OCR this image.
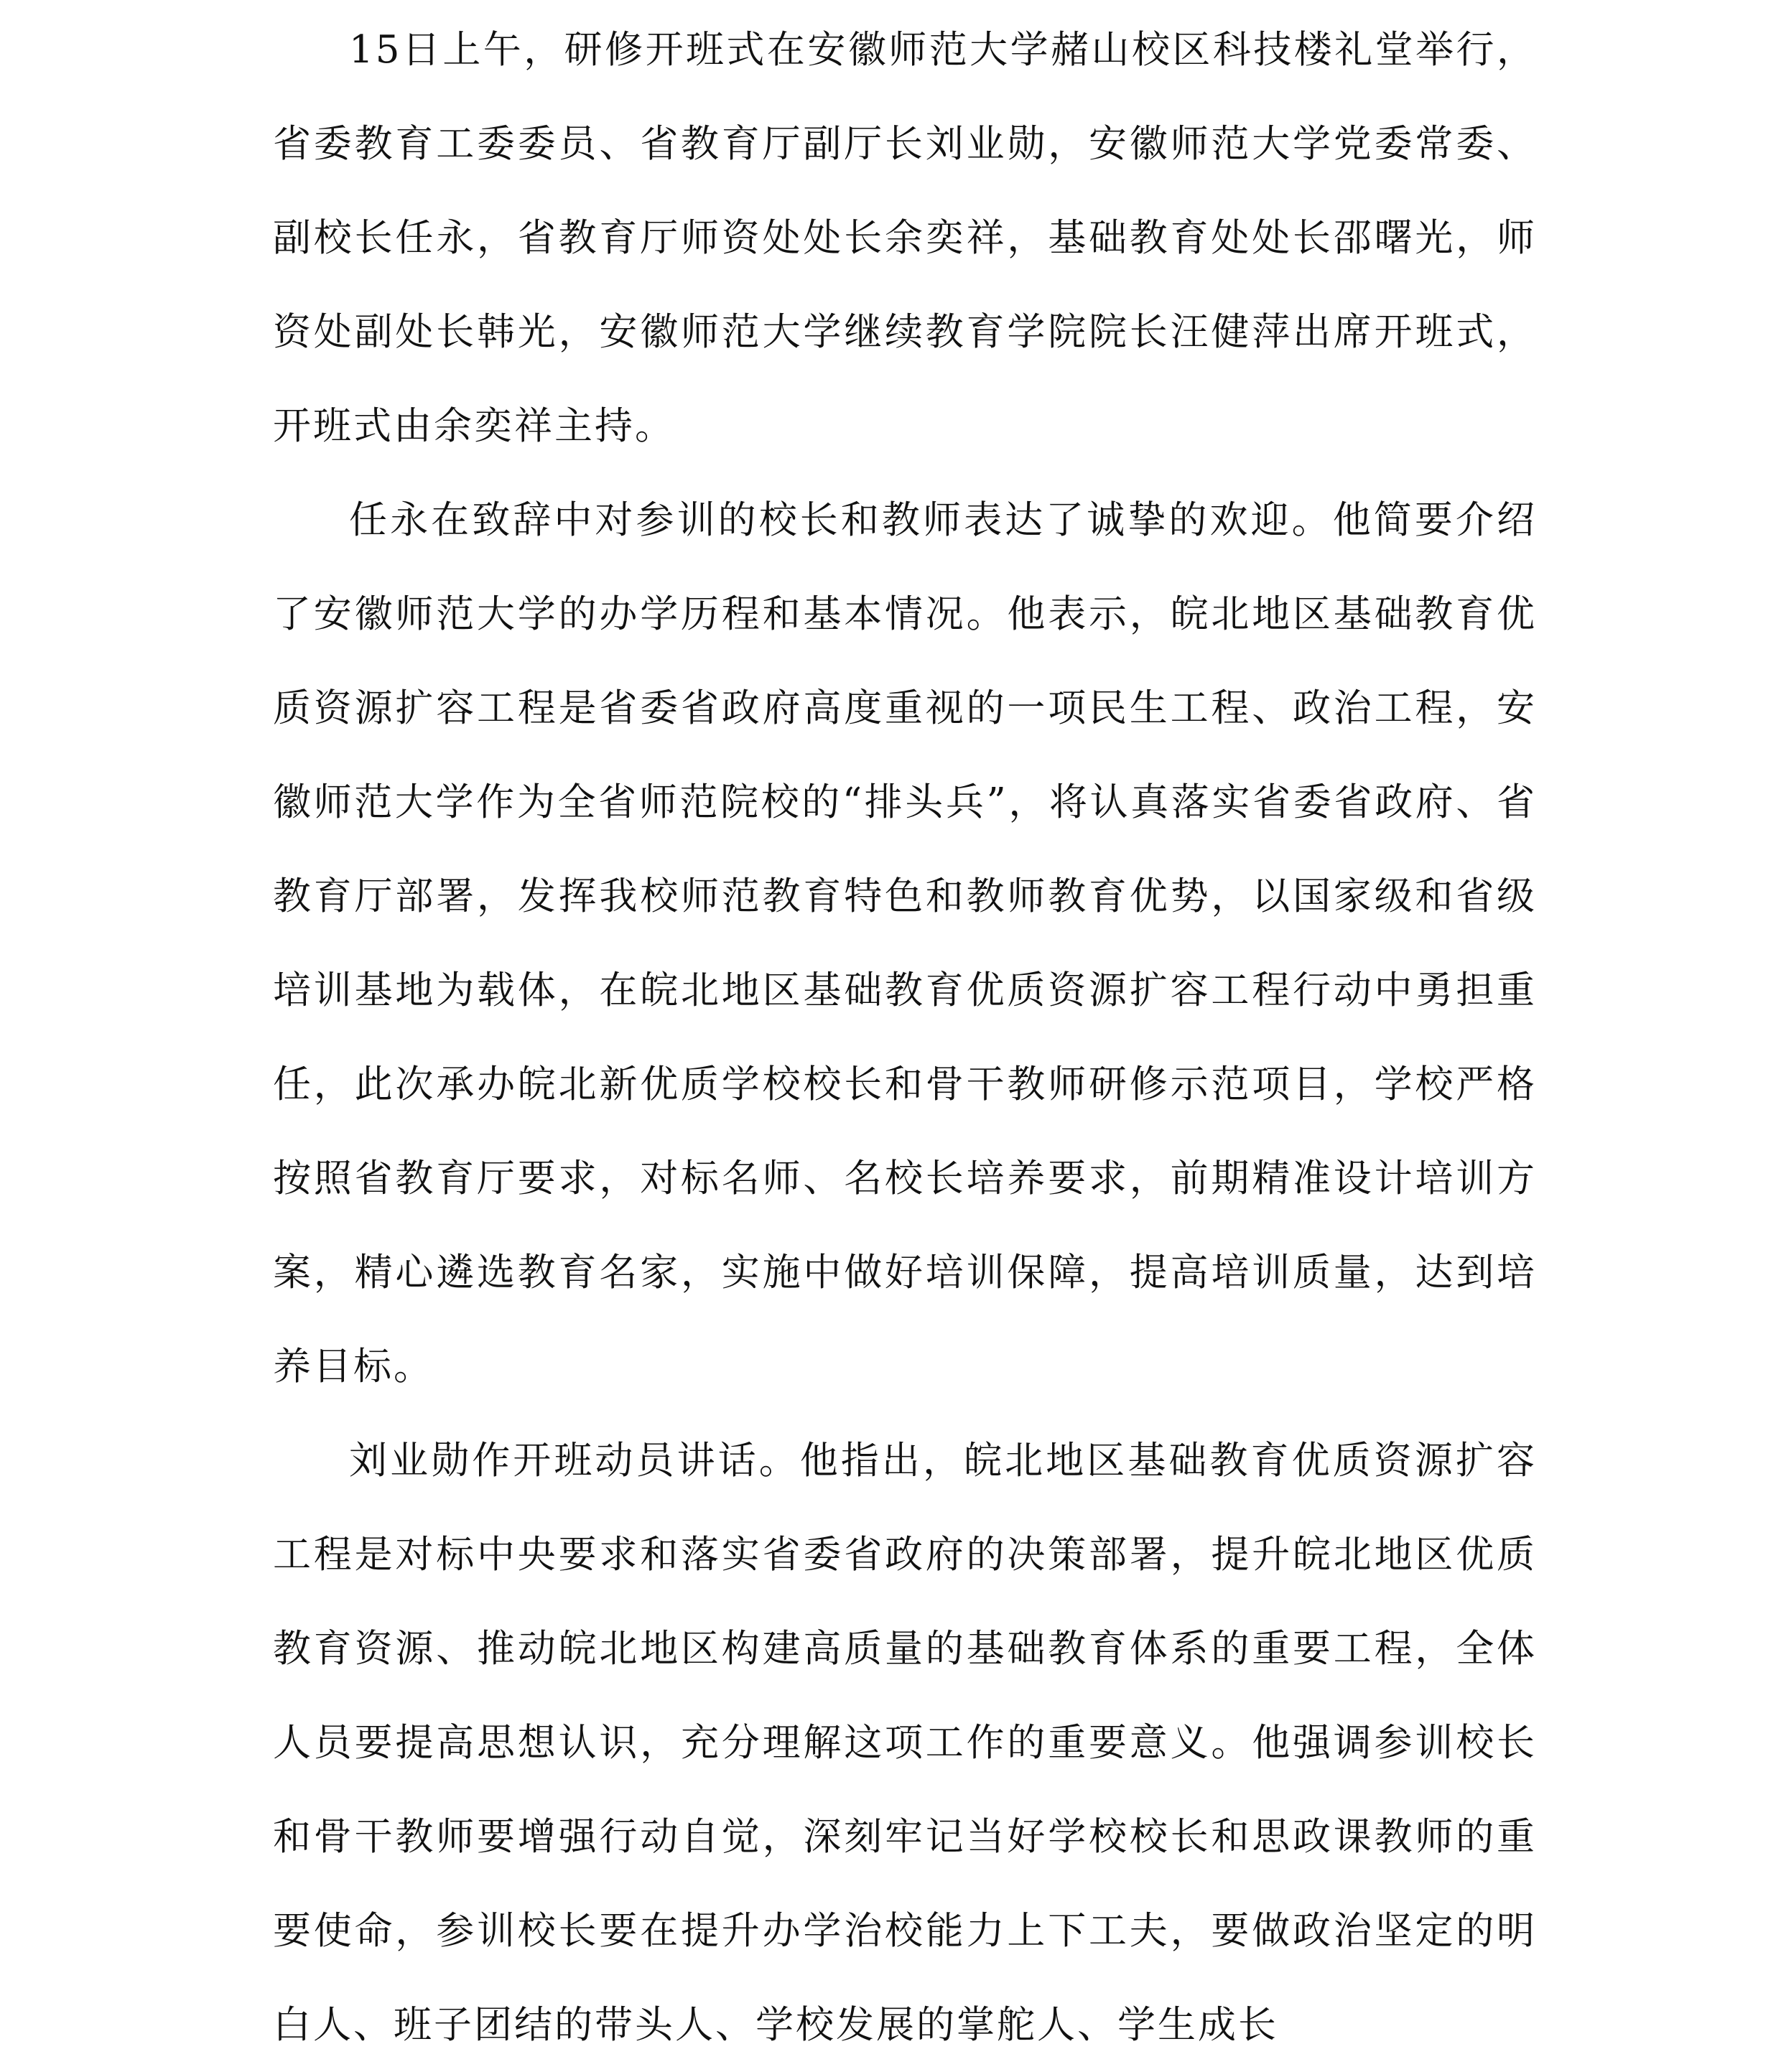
15日上午，研修开班式在安徽师范大学赭山校区科技楼礼堂举行，省委教育工委委员、省教育厅副厅长刘业勋，安徽师范大学党委常委、副校长任永，省教育厅师资处处长余奕祥，基础教育处处长邵曙光，师资处副处长韩光，安徽师范大学继续教育学院院长汪健萍出席开班式，开班式由余奕祥主持。

任永在致辞中对参训的校长和教师表达了诚挚的欢迎。他简要介绍了安徽师范大学的办学历程和基本情况。他表示，皖北地区基础教育优质资源扩容工程是省委省政府高度重视的一项民生工程、政治工程，安徽师范大学作为全省师范院校的“排头兵”，将认真落实省委省政府、省教育厅部署，发挥我校师范教育特色和教师教育优势，以国家级和省级培训基地为载体，在皖北地区基础教育优质资源扩容工程行动中勇担重任，此次承办皖北新优质学校校长和骨干教师研修示范项目，学校严格按照省教育厅要求，对标名师、名校长培养要求，前期精准设计培训方案，精心遴选教育名家，实施中做好培训保障，提高培训质量，达到培养目标。

刘业勋作开班动员讲话。他指出，皖北地区基础教育优质资源扩容工程是对标中央要求和落实省委省政府的决策部署，提升皖北地区优质教育资源、推动皖北地区构建高质量的基础教育体系的重要工程，全体人员要提高思想认识，充分理解这项工作的重要意义。他强调参训校长和骨干教师要增强行动自觉，深刻牢记当好学校校长和思政课教师的重要使命，参训校长要在提升办学治校能力上下工夫，要做政治坚定的明白人、班子团结的带头人、学校发展的掌舵人、学生成长
